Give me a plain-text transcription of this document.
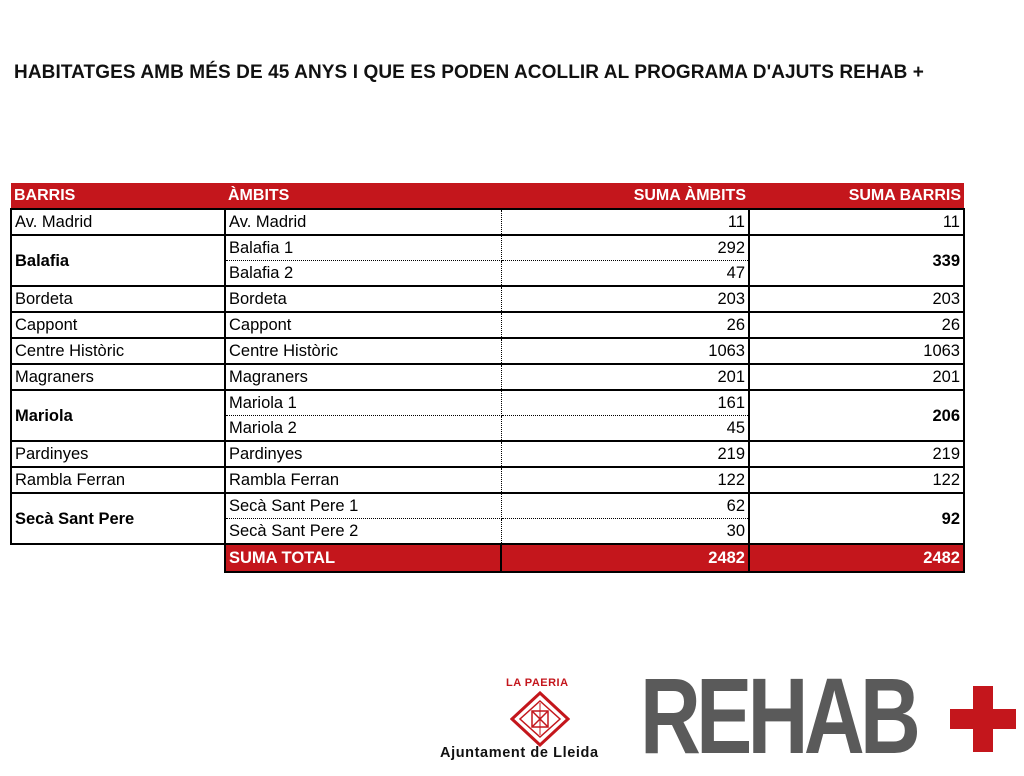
HABITATGES AMB MÉS DE 45 ANYS I QUE ES PODEN ACOLLIR AL PROGRAMA D'AJUTS REHAB +
BARRIS	ÀMBITS	SUMA ÀMBITS	SUMA BARRIS
Av. Madrid	Av. Madrid	11	11
Balafia	Balafia 1	292	339
	Balafia 2	47	
Bordeta	Bordeta	203	203
Cappont	Cappont	26	26
Centre Històric	Centre Històric	1063	1063
Magraners	Magraners	201	201
Mariola	Mariola 1	161	206
	Mariola 2	45	
Pardinyes	Pardinyes	219	219
Rambla Ferran	Rambla Ferran	122	122
Secà Sant Pere	Secà Sant Pere 1	62	92
	Secà Sant Pere 2	30	
	SUMA TOTAL	2482	2482
LA PAERIA
Ajuntament de Lleida REHAB
